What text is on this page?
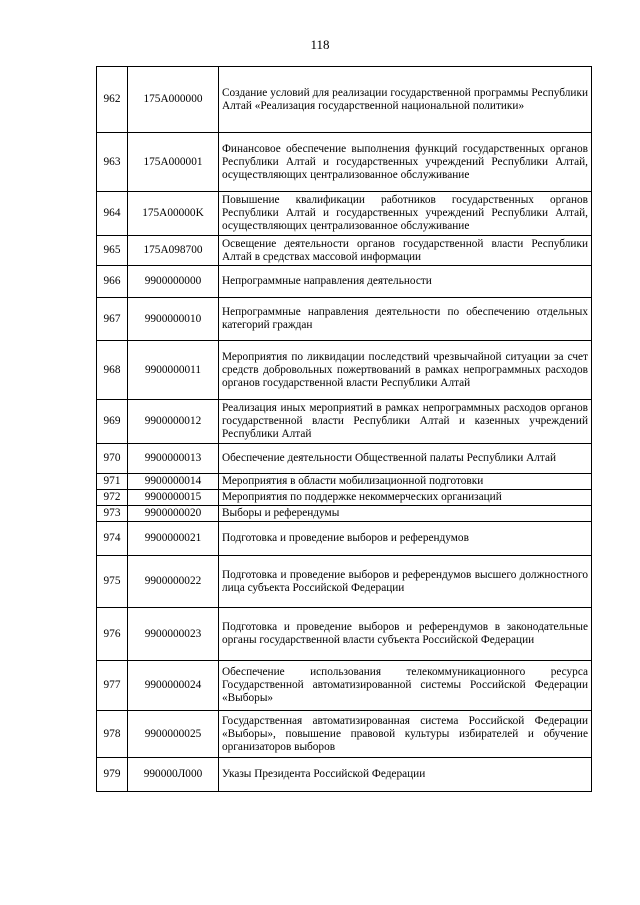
118
962	175A000000	Создание условий для реализации государственной программы Республики Алтай «Реализация государственной национальной политики»
963	175A000001	Финансовое обеспечение выполнения функций государственных органов Республики Алтай и государственных учреждений Республики Алтай, осуществляющих централизованное обслуживание
964	175A00000K	Повышение квалификации работников государственных органов Республики Алтай и государственных учреждений Республики Алтай, осуществляющих централизованное обслуживание
965	175A098700	Освещение деятельности органов государственной власти Республики Алтай в средствах массовой информации
966	9900000000	Непрограммные направления деятельности
967	9900000010	Непрограммные направления деятельности по обеспечению отдельных категорий граждан
968	9900000011	Мероприятия по ликвидации последствий чрезвычайной ситуации за счет средств добровольных пожертвований в рамках непрограммных расходов органов государственной власти Республики Алтай
969	9900000012	Реализация иных мероприятий в рамках непрограммных расходов органов государственной власти Республики Алтай и казенных учреждений Республики Алтай
970	9900000013	Обеспечение деятельности Общественной палаты Республики Алтай
971	9900000014	Мероприятия в области мобилизационной подготовки
972	9900000015	Мероприятия по поддержке некоммерческих организаций
973	9900000020	Выборы и референдумы
974	9900000021	Подготовка и проведение выборов и референдумов
975	9900000022	Подготовка и проведение выборов и референдумов высшего должностного лица субъекта Российской Федерации
976	9900000023	Подготовка и проведение выборов и референдумов в законодательные органы государственной власти субъекта Российской Федерации
977	9900000024	Обеспечение использования телекоммуникационного ресурса Государственной автоматизированной системы Российской Федерации «Выборы»
978	9900000025	Государственная автоматизированная система Российской Федерации «Выборы», повышение правовой культуры избирателей и обучение организаторов выборов
979	990000Л000	Указы Президента Российской Федерации
